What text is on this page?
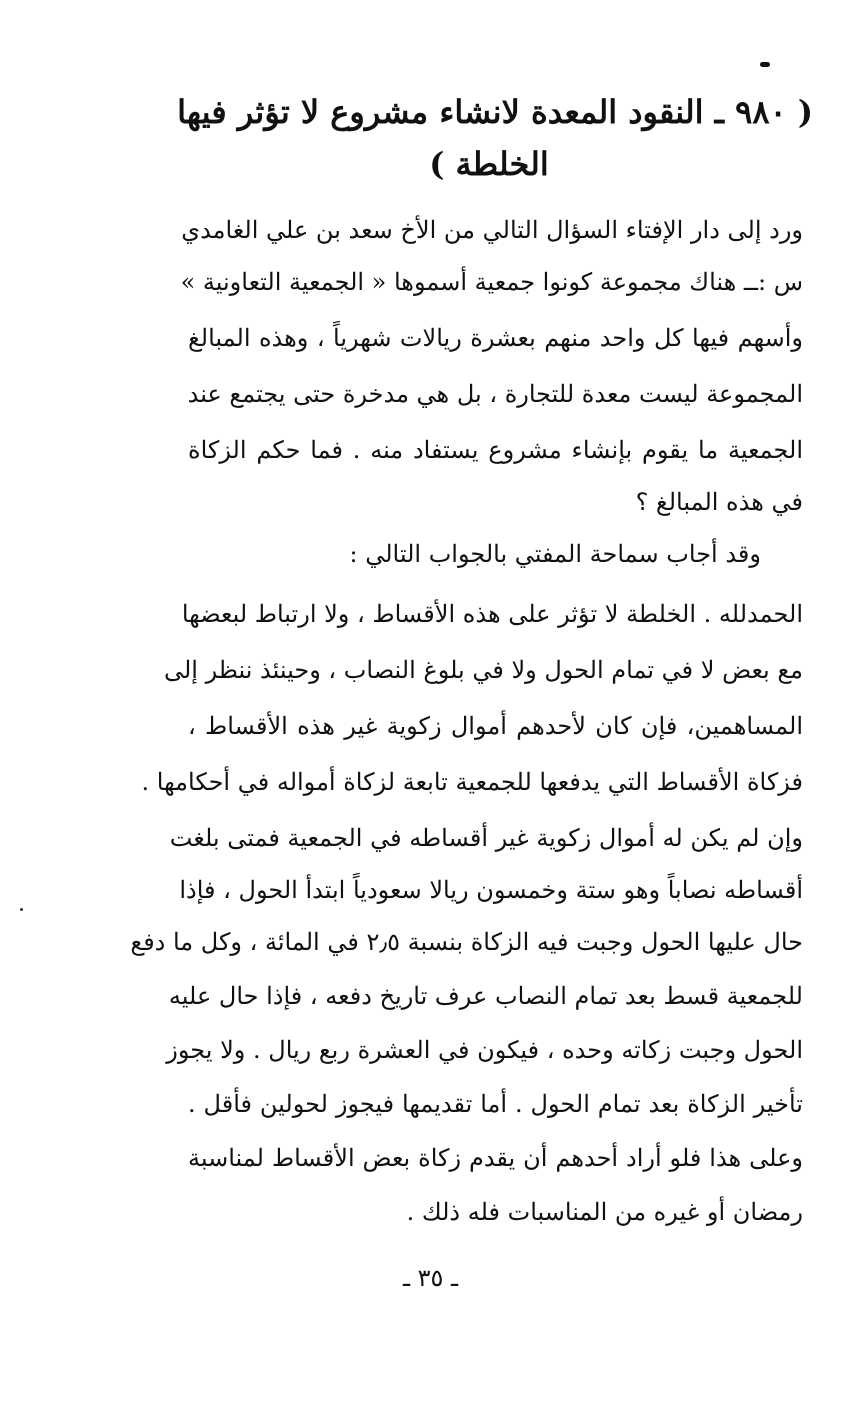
( ٩٨٠ ـ النقود المعدة لانشاء مشروع لا تؤثر فيها
الخلطة )

ورد إلى دار الإفتاء السؤال التالي من الأخ سعد بن علي الغامدي

س :ــ هناك مجموعة كونوا جمعية أسموها « الجمعية التعاونية »

وأسهم فيها كل واحد منهم بعشرة ريالات شهرياً ، وهذه المبالغ

المجموعة ليست معدة للتجارة ، بل هي مدخرة حتى يجتمع عند

الجمعية ما يقوم بإنشاء مشروع يستفاد منه . فما حكم الزكاة

في هذه المبالغ ؟

وقد أجاب سماحة المفتي بالجواب التالي :

الحمدلله . الخلطة لا تؤثر على هذه الأقساط ، ولا ارتباط لبعضها

مع بعض لا في تمام الحول ولا في بلوغ النصاب ، وحينئذ ننظر إلى

المساهمين، فإن كان لأحدهم أموال زكوية غير هذه الأقساط ،

فزكاة الأقساط التي يدفعها للجمعية تابعة لزكاة أمواله في أحكامها .

وإن لم يكن له أموال زكوية غير أقساطه في الجمعية فمتى بلغت

أقساطه نصاباً وهو ستة وخمسون ريالا سعودياً ابتدأ الحول ، فإذا

حال عليها الحول وجبت فيه الزكاة بنسبة ٢٫٥ في المائة ، وكل ما دفع

للجمعية قسط بعد تمام النصاب عرف تاريخ دفعه ، فإذا حال عليه

الحول وجبت زكاته وحده ، فيكون في العشرة ربع ريال . ولا يجوز

تأخير الزكاة بعد تمام الحول . أما تقديمها فيجوز لحولين فأقل .

وعلى هذا فلو أراد أحدهم أن يقدم زكاة بعض الأقساط لمناسبة

رمضان أو غيره من المناسبات فله ذلك .

ـ ٣٥ ـ
